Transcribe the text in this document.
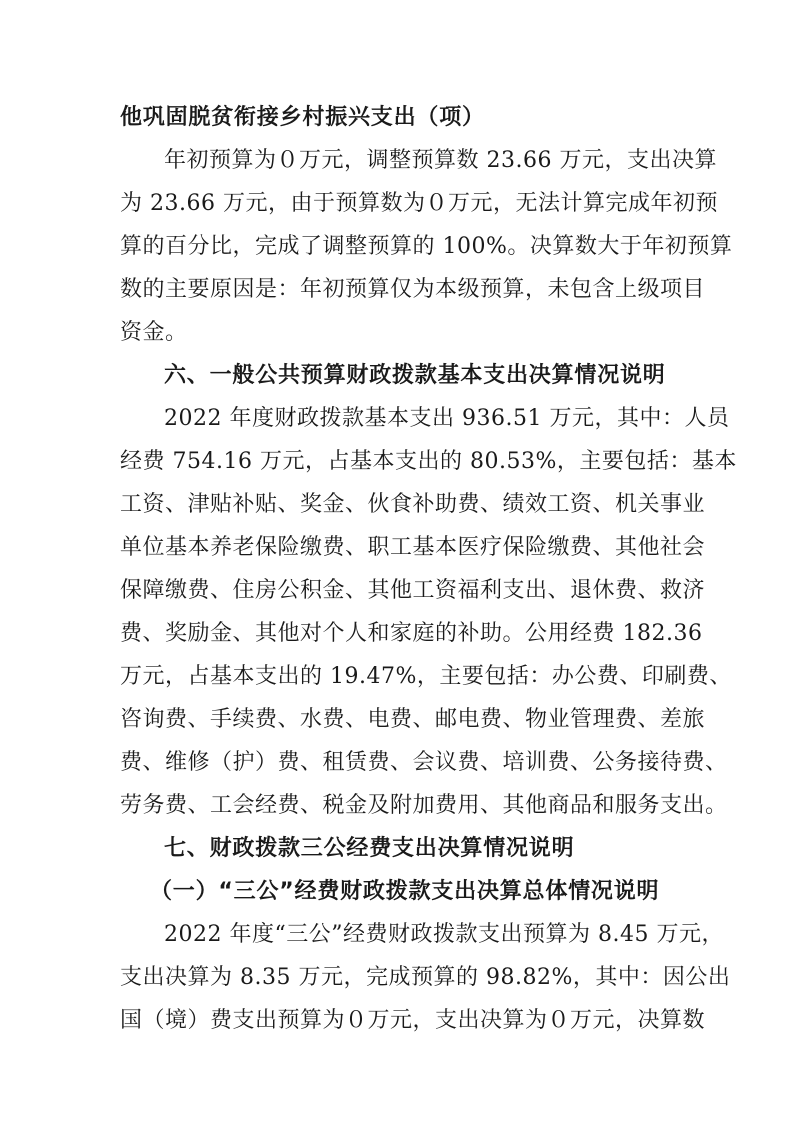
他巩固脱贫衔接乡村振兴支出（项）
年初预算为０万元，调整预算数 23.66 万元，支出决算
为 23.66 万元，由于预算数为０万元，无法计算完成年初预
算的百分比，完成了调整预算的 100%。决算数大于年初预算
数的主要原因是：年初预算仅为本级预算，未包含上级项目
资金。
六、一般公共预算财政拨款基本支出决算情况说明
2022 年度财政拨款基本支出 936.51 万元，其中：人员
经费 754.16 万元，占基本支出的 80.53%，主要包括：基本
工资、津贴补贴、奖金、伙食补助费、绩效工资、机关事业
单位基本养老保险缴费、职工基本医疗保险缴费、其他社会
保障缴费、住房公积金、其他工资福利支出、退休费、救济
费、奖励金、其他对个人和家庭的补助。公用经费 182.36
万元，占基本支出的 19.47%，主要包括：办公费、印刷费、
咨询费、手续费、水费、电费、邮电费、物业管理费、差旅
费、维修（护）费、租赁费、会议费、培训费、公务接待费、
劳务费、工会经费、税金及附加费用、其他商品和服务支出。
七、财政拨款三公经费支出决算情况说明
（一）“三公”经费财政拨款支出决算总体情况说明
2022 年度“三公”经费财政拨款支出预算为 8.45 万元，
支出决算为 8.35 万元，完成预算的 98.82%，其中：因公出
国（境）费支出预算为０万元，支出决算为０万元，决算数
